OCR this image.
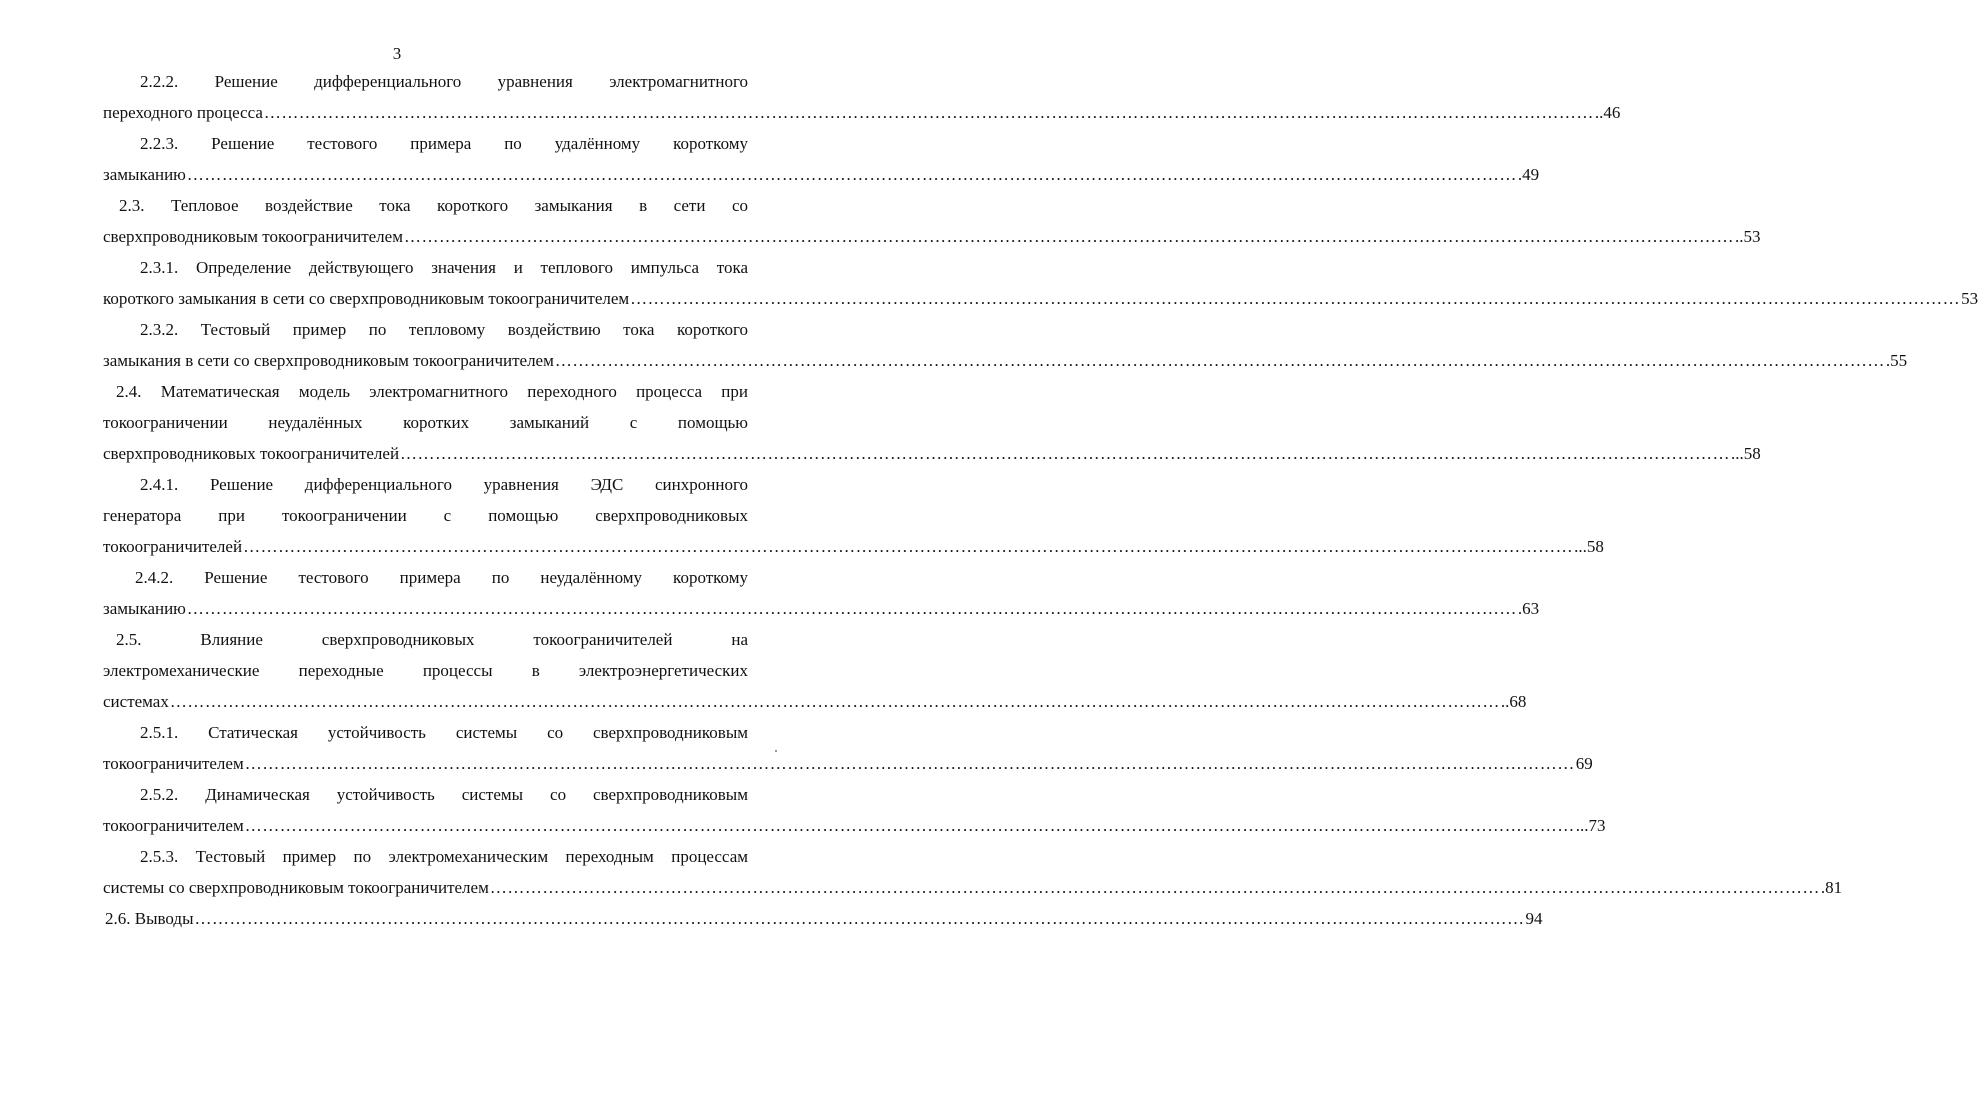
3
2.2.2. Решение дифференциального уравнения электромагнитного
переходного процесса ………………………………………………………………………………………………………………………………………………………………………………………………………… ..46
2.2.3. Решение тестового примера по удалённому короткому
замыканию ………………………………………………………………………………………………………………………………………………………………………………………………………… .49
2.3. Тепловое воздействие тока короткого замыкания в сети со
сверхпроводниковым токоограничителем ………………………………………………………………………………………………………………………………………………………………………………………………………… ..53
2.3.1. Определение действующего значения и теплового импульса тока
короткого замыкания в сети со сверхпроводниковым токоограничителем ………………………………………………………………………………………………………………………………………………………………………………………………………… 53
2.3.2. Тестовый пример по тепловому воздействию тока короткого
замыкания в сети со сверхпроводниковым токоограничителем ………………………………………………………………………………………………………………………………………………………………………………………………………… .55
2.4. Математическая модель электромагнитного переходного процесса при
токоограничении неудалённых коротких замыканий с помощью
сверхпроводниковых токоограничителей ………………………………………………………………………………………………………………………………………………………………………………………………………… ...58
2.4.1. Решение дифференциального уравнения ЭДС синхронного
генератора при токоограничении с помощью сверхпроводниковых
токоограничителей ………………………………………………………………………………………………………………………………………………………………………………………………………… ...58
2.4.2. Решение тестового примера по неудалённому короткому
замыканию ………………………………………………………………………………………………………………………………………………………………………………………………………… .63
2.5. Влияние сверхпроводниковых токоограничителей на
электромеханические переходные процессы в электроэнергетических
системах ………………………………………………………………………………………………………………………………………………………………………………………………………… ..68
2.5.1. Статическая устойчивость системы со сверхпроводниковым
токоограничителем ………………………………………………………………………………………………………………………………………………………………………………………………………… 69
2.5.2. Динамическая устойчивость системы со сверхпроводниковым
токоограничителем ………………………………………………………………………………………………………………………………………………………………………………………………………… ...73
2.5.3. Тестовый пример по электромеханическим переходным процессам
системы со сверхпроводниковым токоограничителем ………………………………………………………………………………………………………………………………………………………………………………………………………… .81
2.6. Выводы ………………………………………………………………………………………………………………………………………………………………………………………………………… 94
